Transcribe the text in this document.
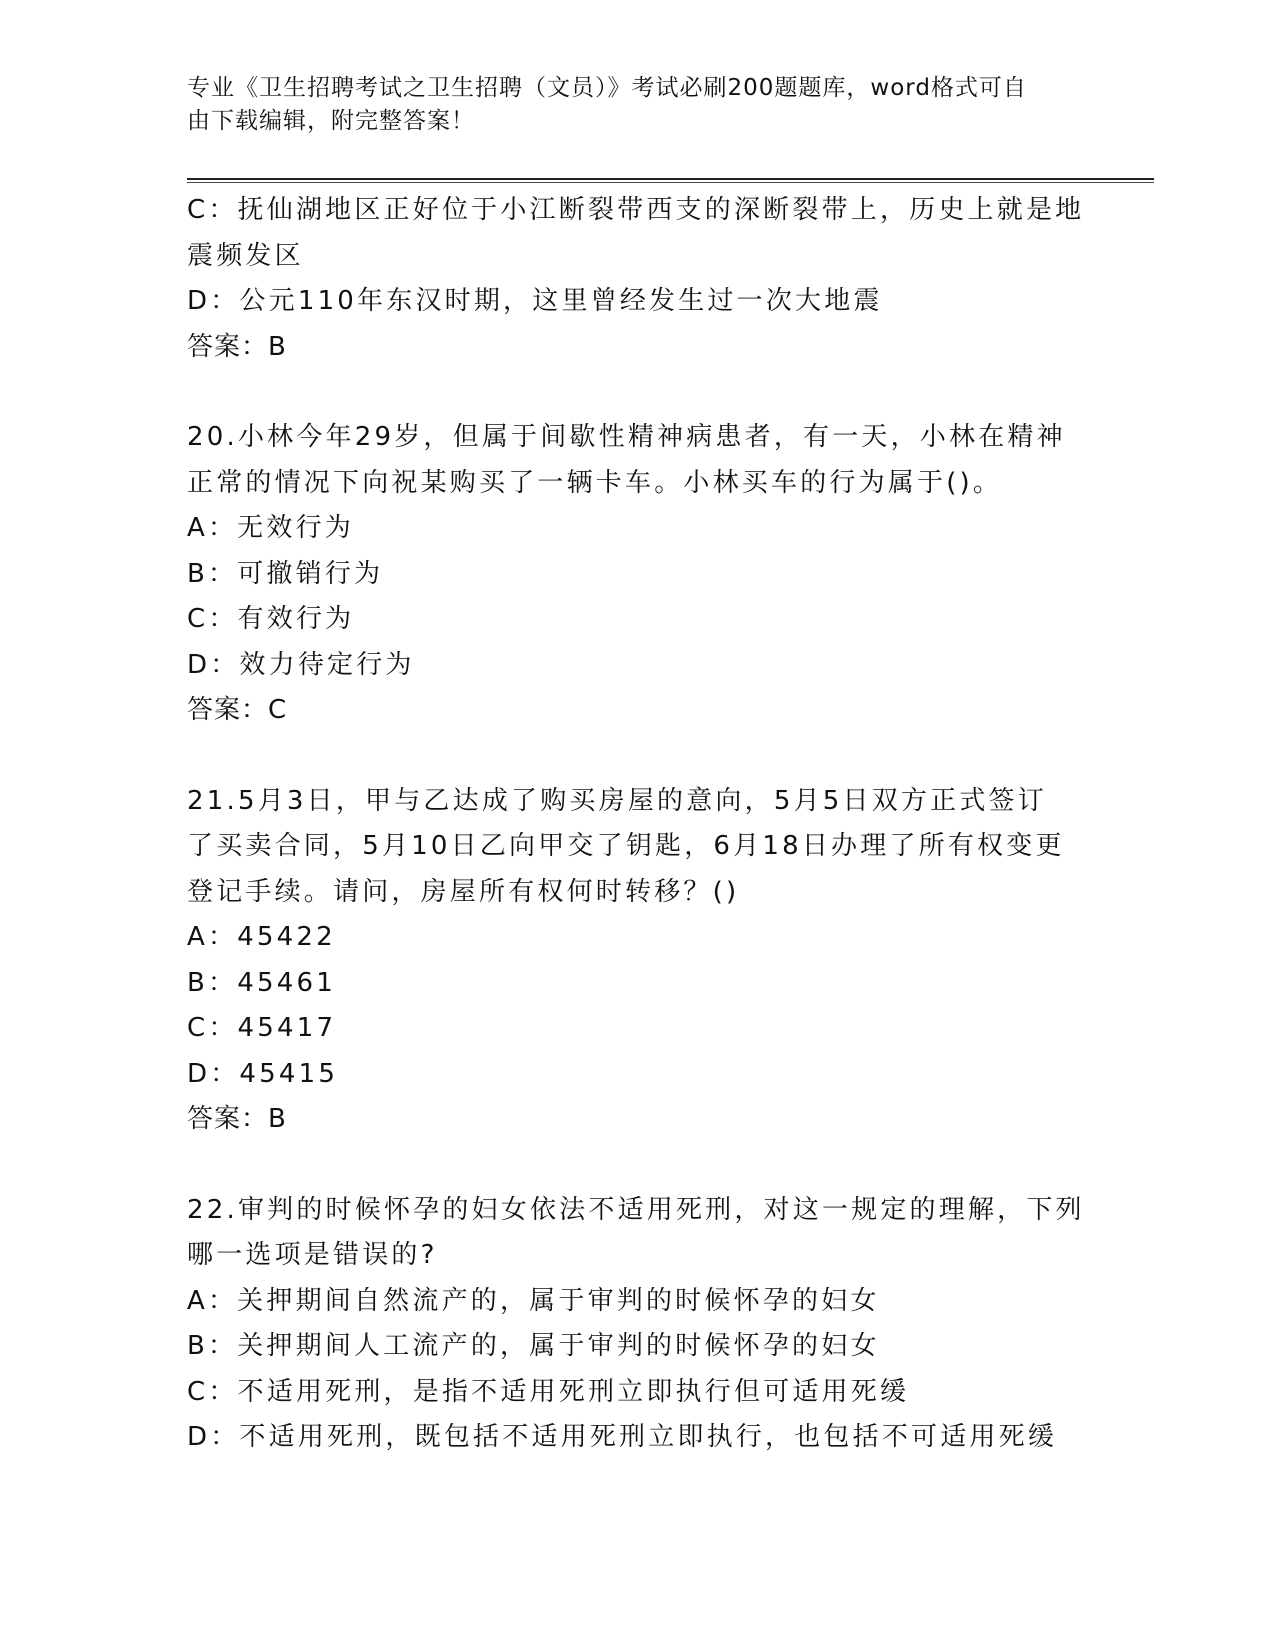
专业《卫生招聘考试之卫生招聘（文员）》考试必刷200题题库，word格式可自
由下载编辑，附完整答案！
C：抚仙湖地区正好位于小江断裂带西支的深断裂带上，历史上就是地
震频发区
D：公元110年东汉时期，这里曾经发生过一次大地震
答案：B
20.小林今年29岁，但属于间歇性精神病患者，有一天，小林在精神
正常的情况下向祝某购买了一辆卡车。小林买车的行为属于()。
A：无效行为
B：可撤销行为
C：有效行为
D：效力待定行为
答案：C
21.5月3日，甲与乙达成了购买房屋的意向，5月5日双方正式签订
了买卖合同，5月10日乙向甲交了钥匙，6月18日办理了所有权变更
登记手续。请问，房屋所有权何时转移？()
A：45422
B：45461
C：45417
D：45415
答案：B
22.审判的时候怀孕的妇女依法不适用死刑，对这一规定的理解，下列
哪一选项是错误的?
A：关押期间自然流产的，属于审判的时候怀孕的妇女
B：关押期间人工流产的，属于审判的时候怀孕的妇女
C：不适用死刑，是指不适用死刑立即执行但可适用死缓
D：不适用死刑，既包括不适用死刑立即执行，也包括不可适用死缓
